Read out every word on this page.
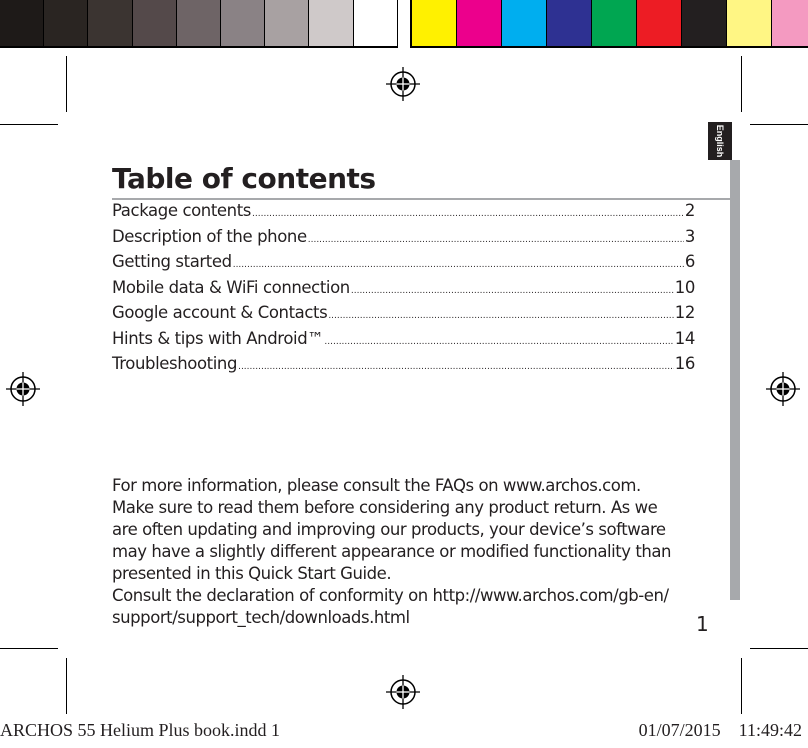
English
Table of contents
Package contents .....	2
Description of the phone .....	3
Getting started .....	6
Mobile data & WiFi connection .....	10
Google account & Contacts .....	12
Hints & tips with Android™ .....	14
Troubleshooting .....	16
For more information, please consult the FAQs on www.archos.com.
Make sure to read them before considering any product return. As we
are often updating and improving our products, your device’s software
may have a slightly different appearance or modified functionality than
presented in this Quick Start Guide.
Consult the declaration of conformity on http://www.archos.com/gb-en/
support/support_tech/downloads.html	1
ARCHOS 55 Helium Plus book.indd 1	01/07/2015 11:49:42
